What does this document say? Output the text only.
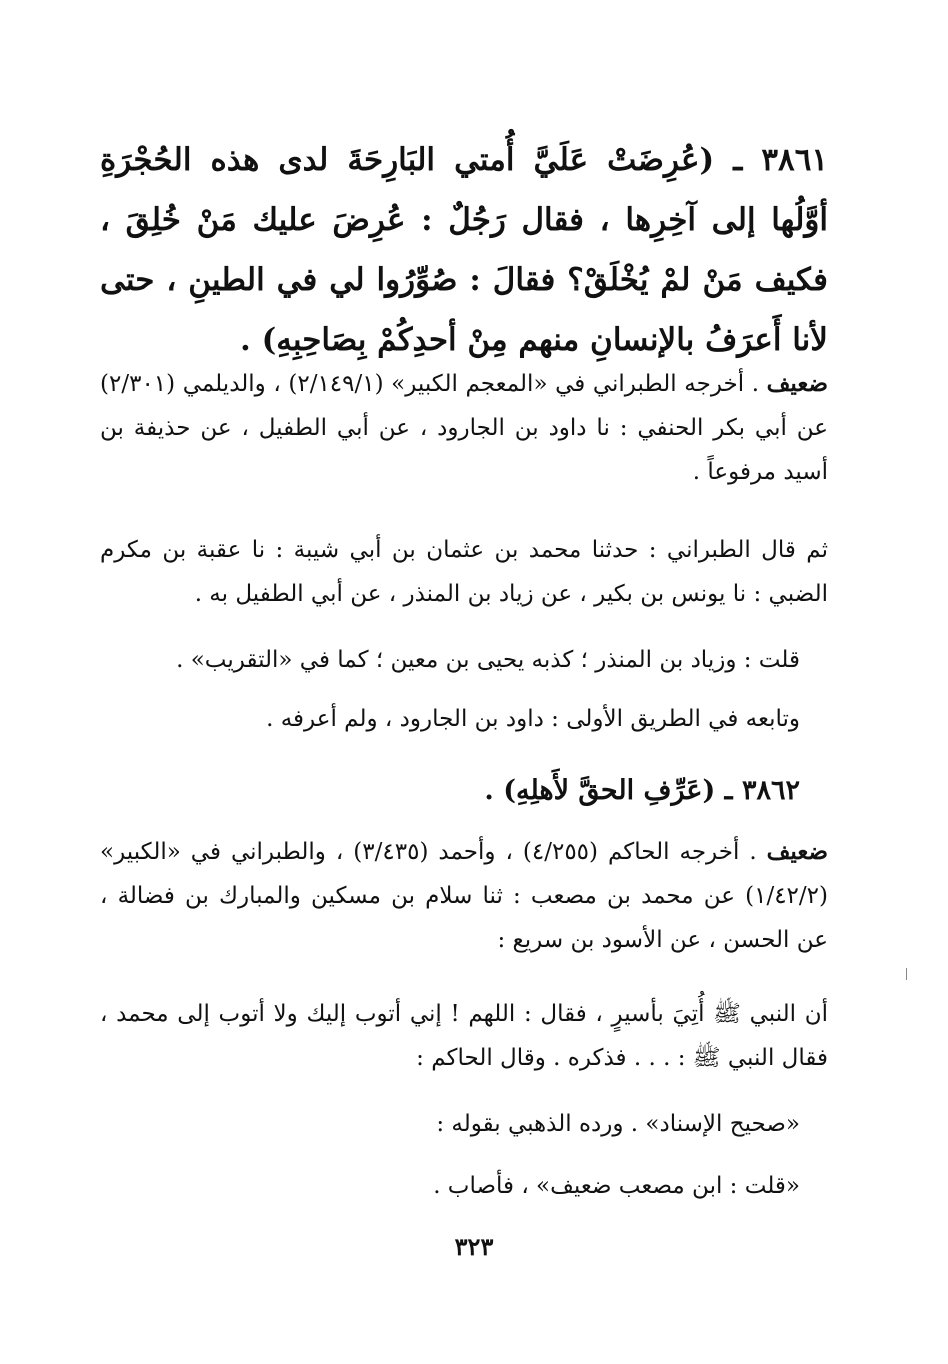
٣٨٦١ ـ (عُرِضَتْ عَلَيَّ أُمتي البَارِحَةَ لدى هذه الحُجْرَةِ أوَّلُها إلى آخِرِها ، فقال رَجُلٌ : عُرِضَ عليك مَنْ خُلِقَ ، فكيف مَنْ لمْ يُخْلَقْ؟ فقالَ : صُوِّرُوا لي في الطينِ ، حتى لأنا أَعرَفُ بالإنسانِ منهم مِنْ أحدِكُمْ بِصَاحِبِهِ) .

ضعيف . أخرجه الطبراني في «المعجم الكبير» (٢/١٤٩/١) ، والديلمي (٢/٣٠١) عن أبي بكر الحنفي : نا داود بن الجارود ، عن أبي الطفيل ، عن حذيفة بن أسيد مرفوعاً .

ثم قال الطبراني : حدثنا محمد بن عثمان بن أبي شيبة : نا عقبة بن مكرم الضبي : نا يونس بن بكير ، عن زياد بن المنذر ، عن أبي الطفيل به .

قلت : وزياد بن المنذر ؛ كذبه يحيى بن معين ؛ كما في «التقريب» .

وتابعه في الطريق الأولى : داود بن الجارود ، ولم أعرفه .

٣٨٦٢ ـ (عَرِّفِ الحقَّ لأَهلِهِ) .

ضعيف . أخرجه الحاكم (٤/٢٥٥) ، وأحمد (٣/٤٣٥) ، والطبراني في «الكبير» (١/٤٢/٢) عن محمد بن مصعب : ثنا سلام بن مسكين والمبارك بن فضالة ، عن الحسن ، عن الأسود بن سريع :

أن النبي ﷺ أُتِيَ بأسيرٍ ، فقال : اللهم ! إني أتوب إليك ولا أتوب إلى محمد ، فقال النبي ﷺ : . . . فذكره . وقال الحاكم :

«صحيح الإسناد» . ورده الذهبي بقوله :

«قلت : ابن مصعب ضعيف» ، فأصاب .

٣٢٣
